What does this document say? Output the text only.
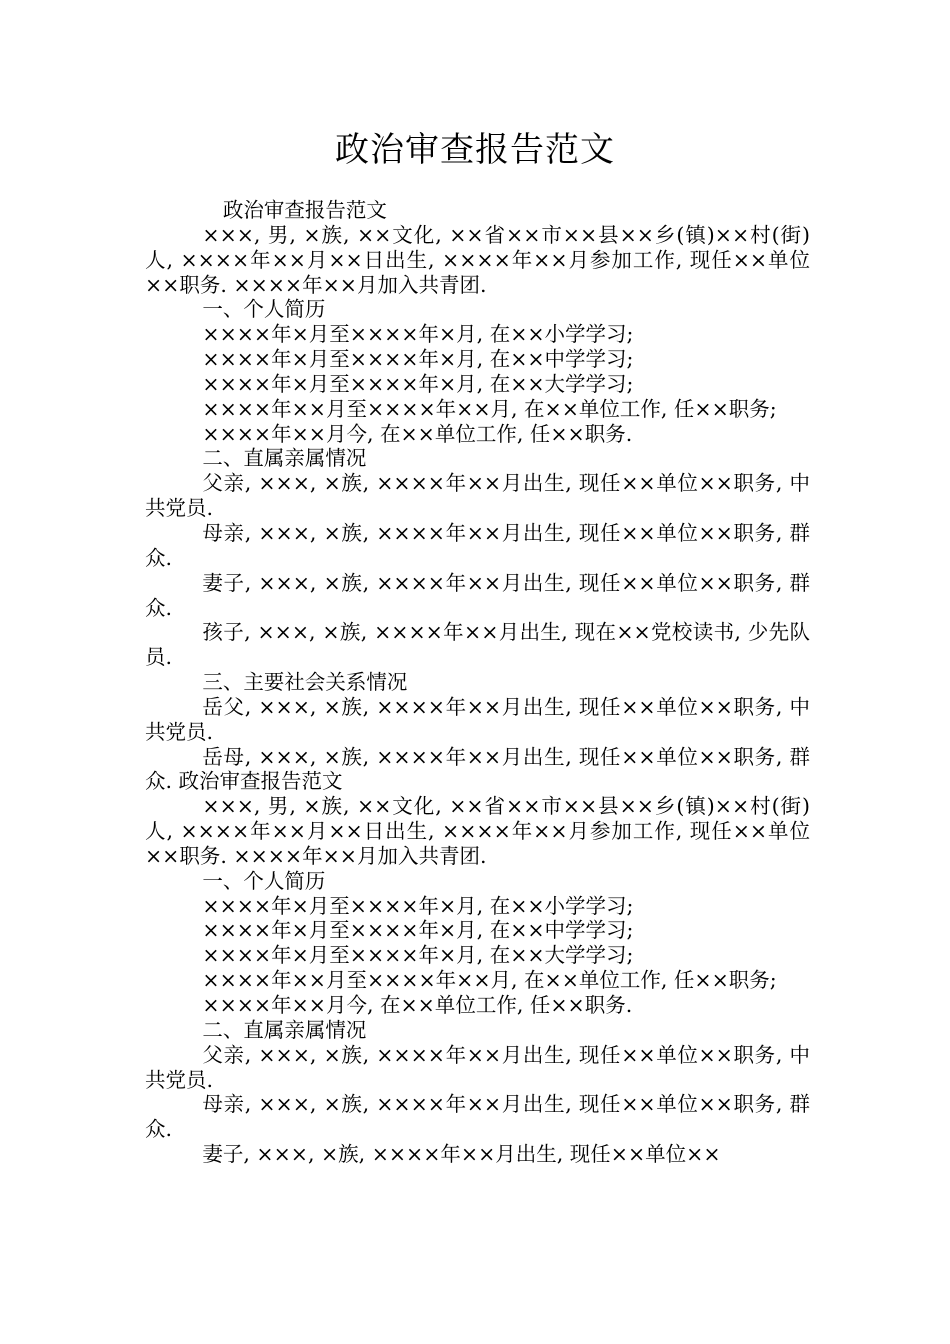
政治审查报告范文

政治审查报告范文

×××, 男, ×族, ××文化, ××省××市××县××乡(镇)××村(街)人, ××××年××月××日出生, ××××年××月参加工作, 现任××单位××职务. ××××年××月加入共青团.

一、个人简历

××××年×月至××××年×月, 在××小学学习;

××××年×月至××××年×月, 在××中学学习;

××××年×月至××××年×月, 在××大学学习;

××××年××月至××××年××月, 在××单位工作, 任××职务;

××××年××月今, 在××单位工作, 任××职务.

二、直属亲属情况

父亲, ×××, ×族, ××××年××月出生, 现任××单位××职务, 中共党员.

母亲, ×××, ×族, ××××年××月出生, 现任××单位××职务, 群众.

妻子, ×××, ×族, ××××年××月出生, 现任××单位××职务, 群众.

孩子, ×××, ×族, ××××年××月出生, 现在××党校读书, 少先队员.

三、主要社会关系情况

岳父, ×××, ×族, ××××年××月出生, 现任××单位××职务, 中共党员.

岳母, ×××, ×族, ××××年××月出生, 现任××单位××职务, 群众. 政治审查报告范文

×××, 男, ×族, ××文化, ××省××市××县××乡(镇)××村(街)人, ××××年××月××日出生, ××××年××月参加工作, 现任××单位××职务. ××××年××月加入共青团.

一、个人简历

××××年×月至××××年×月, 在××小学学习;

××××年×月至××××年×月, 在××中学学习;

××××年×月至××××年×月, 在××大学学习;

××××年××月至××××年××月, 在××单位工作, 任××职务;

××××年××月今, 在××单位工作, 任××职务.

二、直属亲属情况

父亲, ×××, ×族, ××××年××月出生, 现任××单位××职务, 中共党员.

母亲, ×××, ×族, ××××年××月出生, 现任××单位××职务, 群众.

妻子, ×××, ×族, ××××年××月出生, 现任××单位××
